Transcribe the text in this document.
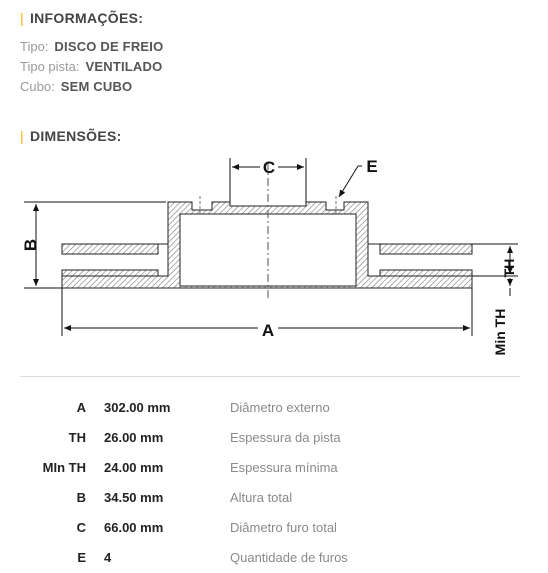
| INFORMAÇÕES:
Tipo: DISCO DE FREIO
Tipo pista: VENTILADO
Cubo: SEM CUBO
| DIMENSÕES:
C	E
B
TH
Min TH
A
A 302.00 mm	Diâmetro externo
TH 26.00 mm	Espessura da pista
MIn TH 24.00 mm	Espessura mínima
B 34.50 mm	Altura total
C 66.00 mm	Diâmetro furo total
E 4	Quantidade de furos
